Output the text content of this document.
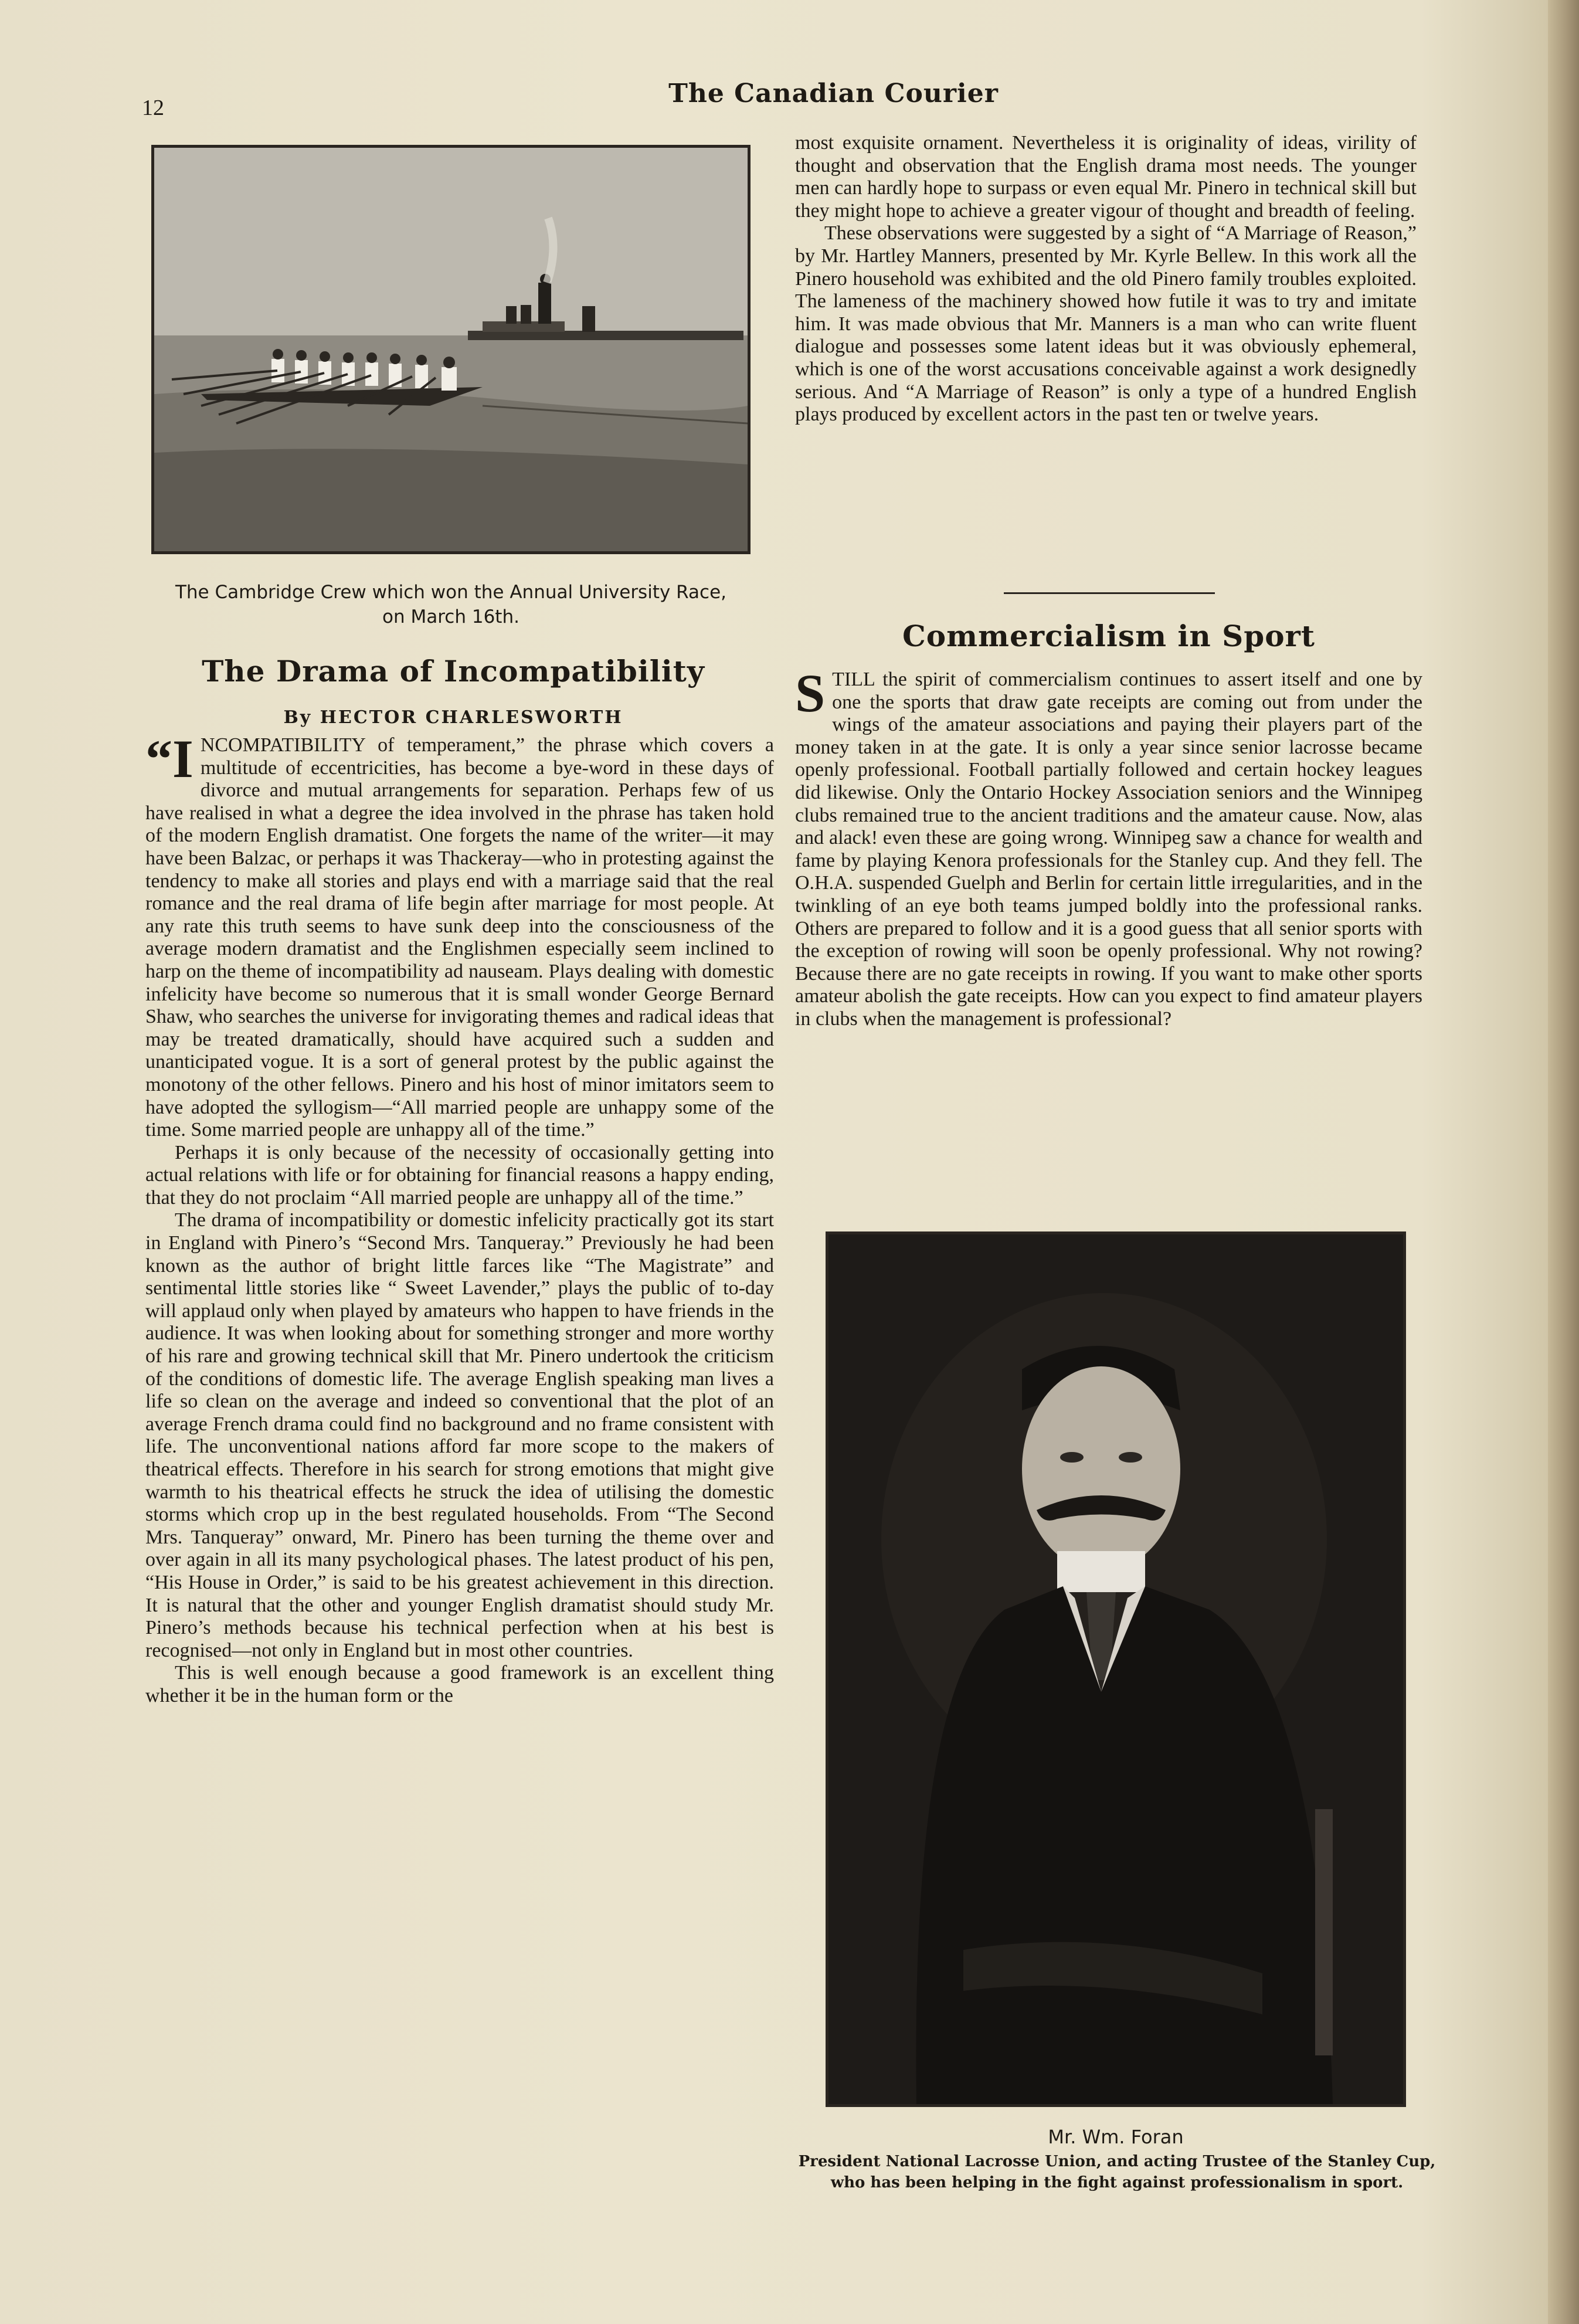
12	The Canadian Courier
The Cambridge Crew which won the Annual University Race,
on March 16th.
The Drama of Incompatibility
By HECTOR CHARLESWORTH

“INCOMPATIBILITY of temperament,” the phrase which covers a multitude of eccentricities, has become a bye-word in these days of divorce and mutual arrangements for separation. Perhaps few of us have realised in what a degree the idea involved in the phrase has taken hold of the modern English dramatist. One forgets the name of the writer—it may have been Balzac, or perhaps it was Thackeray—who in protesting against the tendency to make all stories and plays end with a marriage said that the real romance and the real drama of life begin after marriage for most people. At any rate this truth seems to have sunk deep into the consciousness of the average modern dramatist and the Englishmen especially seem inclined to harp on the theme of incompatibility ad nauseam. Plays dealing with domestic infelicity have become so numerous that it is small wonder George Bernard Shaw, who searches the universe for invigorating themes and radical ideas that may be treated dramatically, should have acquired such a sudden and unanticipated vogue. It is a sort of general protest by the public against the monotony of the other fellows. Pinero and his host of minor imitators seem to have adopted the syllogism—“All married people are unhappy some of the time. Some married people are unhappy all of the time.”

Perhaps it is only because of the necessity of occasionally getting into actual relations with life or for obtaining for financial reasons a happy ending, that they do not proclaim “All married people are unhappy all of the time.”

The drama of incompatibility or domestic infelicity practically got its start in England with Pinero’s “Second Mrs. Tanqueray.” Previously he had been known as the author of bright little farces like “The Magistrate” and sentimental little stories like “ Sweet Lavender,” plays the public of to-day will applaud only when played by amateurs who happen to have friends in the audience. It was when looking about for something stronger and more worthy of his rare and growing technical skill that Mr. Pinero undertook the criticism of the conditions of domestic life. The average English speaking man lives a life so clean on the average and indeed so conventional that the plot of an average French drama could find no background and no frame consistent with life. The unconventional nations afford far more scope to the makers of theatrical effects. Therefore in his search for strong emotions that might give warmth to his theatrical effects he struck the idea of utilising the domestic storms which crop up in the best regulated households. From “The Second Mrs. Tanqueray” onward, Mr. Pinero has been turning the theme over and over again in all its many psychological phases. The latest product of his pen, “His House in Order,” is said to be his greatest achievement in this direction. It is natural that the other and younger English dramatist should study Mr. Pinero’s methods because his technical perfection when at his best is recognised—not only in England but in most other countries.

This is well enough because a good framework is an excellent thing whether it be in the human form or the

most exquisite ornament. Nevertheless it is originality of ideas, virility of thought and observation that the English drama most needs. The younger men can hardly hope to surpass or even equal Mr. Pinero in technical skill but they might hope to achieve a greater vigour of thought and breadth of feeling.

These observations were suggested by a sight of “A Marriage of Reason,” by Mr. Hartley Manners, presented by Mr. Kyrle Bellew. In this work all the Pinero household was exhibited and the old Pinero family troubles exploited. The lameness of the machinery showed how futile it was to try and imitate him. It was made obvious that Mr. Manners is a man who can write fluent dialogue and possesses some latent ideas but it was obviously ephemeral, which is one of the worst accusations conceivable against a work designedly serious. And “A Marriage of Reason” is only a type of a hundred English plays produced by excellent actors in the past ten or twelve years.

Commercialism in Sport

STILL the spirit of commercialism continues to assert itself and one by one the sports that draw gate receipts are coming out from under the wings of the amateur associations and paying their players part of the money taken in at the gate. It is only a year since senior lacrosse became openly professional. Football partially followed and certain hockey leagues did likewise. Only the Ontario Hockey Association seniors and the Winnipeg clubs remained true to the ancient traditions and the amateur cause. Now, alas and alack! even these are going wrong. Winnipeg saw a chance for wealth and fame by playing Kenora professionals for the Stanley cup. And they fell. The O.H.A. suspended Guelph and Berlin for certain little irregularities, and in the twinkling of an eye both teams jumped boldly into the professional ranks. Others are prepared to follow and it is a good guess that all senior sports with the exception of rowing will soon be openly professional. Why not rowing? Because there are no gate receipts in rowing. If you want to make other sports amateur abolish the gate receipts. How can you expect to find amateur players in clubs when the management is professional?

Mr. Wm. Foran
President National Lacrosse Union, and acting Trustee of the Stanley Cup,
who has been helping in the fight against professionalism in sport.
